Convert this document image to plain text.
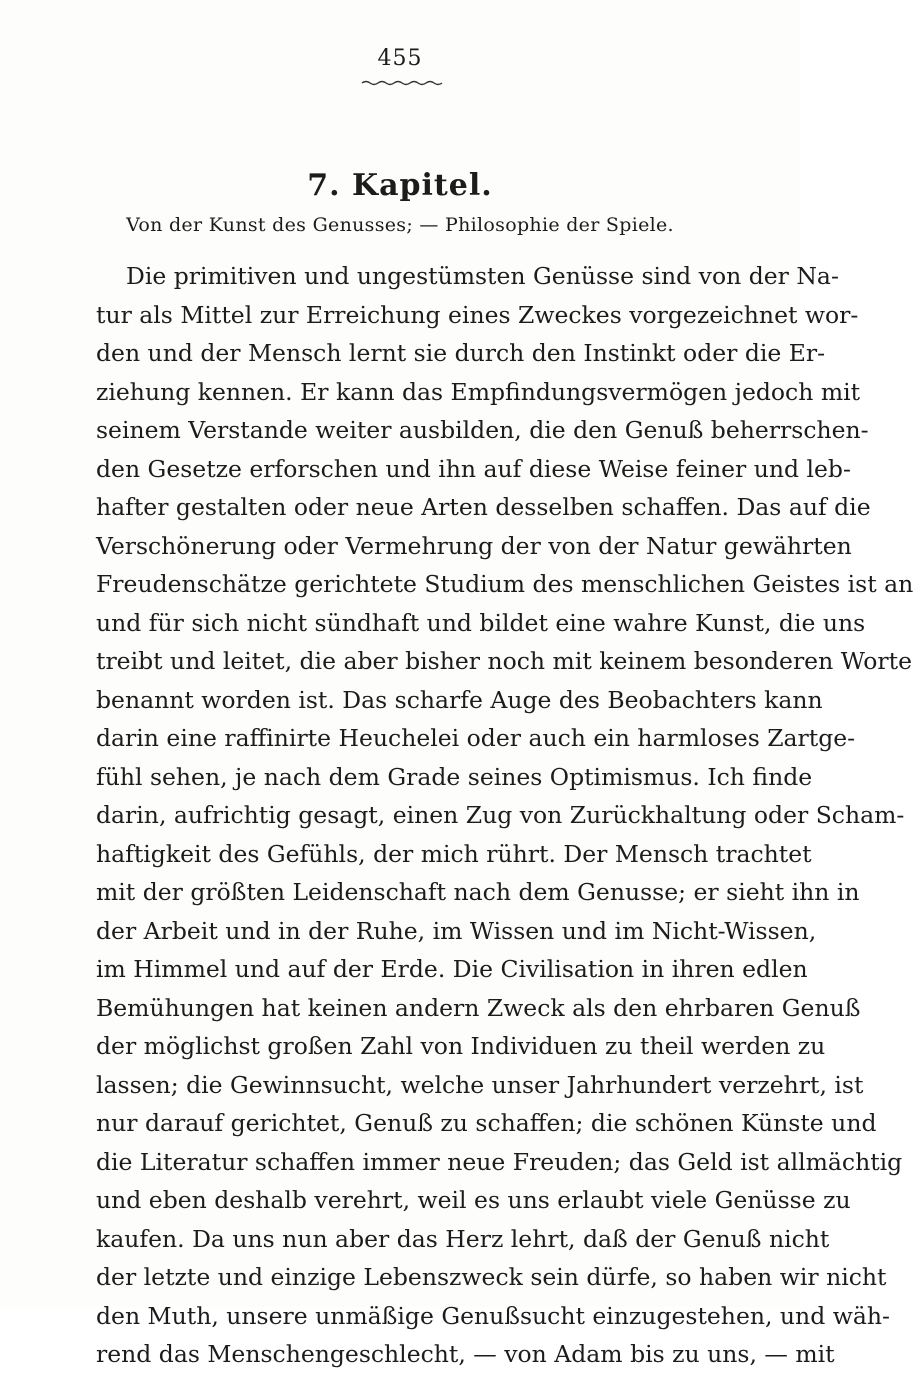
455
7. Kapitel.
Von der Kunst des Genusses; — Philosophie der Spiele.
Die primitiven und ungestümsten Genüsse sind von der Na-
tur als Mittel zur Erreichung eines Zweckes vorgezeichnet wor-
den und der Mensch lernt sie durch den Instinkt oder die Er-
ziehung kennen. Er kann das Empfindungsvermögen jedoch mit
seinem Verstande weiter ausbilden, die den Genuß beherrschen-
den Gesetze erforschen und ihn auf diese Weise feiner und leb-
hafter gestalten oder neue Arten desselben schaffen. Das auf die
Verschönerung oder Vermehrung der von der Natur gewährten
Freudenschätze gerichtete Studium des menschlichen Geistes ist an
und für sich nicht sündhaft und bildet eine wahre Kunst, die uns
treibt und leitet, die aber bisher noch mit keinem besonderen Worte
benannt worden ist. Das scharfe Auge des Beobachters kann
darin eine raffinirte Heuchelei oder auch ein harmloses Zartge-
fühl sehen, je nach dem Grade seines Optimismus. Ich finde
darin, aufrichtig gesagt, einen Zug von Zurückhaltung oder Scham-
haftigkeit des Gefühls, der mich rührt. Der Mensch trachtet
mit der größten Leidenschaft nach dem Genusse; er sieht ihn in
der Arbeit und in der Ruhe, im Wissen und im Nicht-Wissen,
im Himmel und auf der Erde. Die Civilisation in ihren edlen
Bemühungen hat keinen andern Zweck als den ehrbaren Genuß
der möglichst großen Zahl von Individuen zu theil werden zu
lassen; die Gewinnsucht, welche unser Jahrhundert verzehrt, ist
nur darauf gerichtet, Genuß zu schaffen; die schönen Künste und
die Literatur schaffen immer neue Freuden; das Geld ist allmächtig
und eben deshalb verehrt, weil es uns erlaubt viele Genüsse zu
kaufen. Da uns nun aber das Herz lehrt, daß der Genuß nicht
der letzte und einzige Lebenszweck sein dürfe, so haben wir nicht
den Muth, unsere unmäßige Genußsucht einzugestehen, und wäh-
rend das Menschengeschlecht, — von Adam bis zu uns, — mit
